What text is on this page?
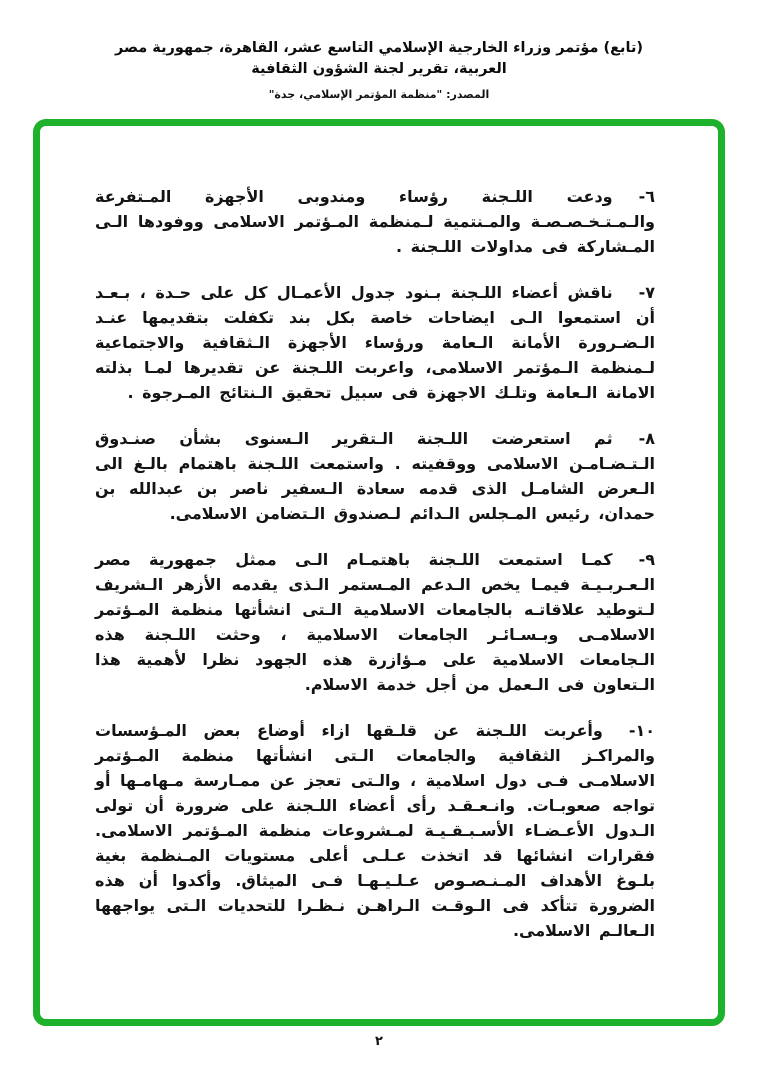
(تابع) مؤتمر وزراء الخارجية الإسلامي التاسع عشر، القاهرة، جمهورية مصر العربية، تقرير لجنة الشؤون الثقافية
المصدر: "منظمة المؤتمر الإسلامي، جدة"

٦-ودعت اللـجنة رؤساء ومندوبى الأجهزة المـتفرعة والـمـتـخـصـصـة والمـنتمية لـمنظمة المـؤتمر الاسلامى ووفودها الـى المـشاركة فى مداولات اللـجنة .

٧-ناقش أعضاء اللـجنة بـنود جدول الأعمـال كل على حـدة ، بـعـد أن استمعوا الـى ايضاحات خاصة بكل بند تكفلت بتقديمها عنـد الـضـرورة الأمانة الـعامة ورؤساء الأجهزة الـثقافية والاجتماعية لـمنظمة الـمؤتمر الاسلامى، واعربت اللـجنة عن تقديرها لمـا بذلته الامانة الـعامة وتلـك الاجهزة فى سبيل تحقيق الـنتائج المـرجوة .

٨-ثم استعرضت اللـجنة الـتقرير الـسنوى بشأن صنـدوق الـتـضـامـن الاسلامى ووقفيته . واستمعت اللـجنة باهتمام بالـغ الى الـعرض الشامـل الذى قدمه سعادة الـسفير ناصر بن عبدالله بن حمدان، رئيس المـجلس الـدائم لـصندوق الـتضامن الاسلامى.

٩-كمـا استمعت اللـجنة باهتمـام الـى ممثل جمهورية مصر الـعـربـيـة فيمـا يخص الـدعم المـستمر الـذى يقدمه الأزهر الـشريف لـتوطيد علاقاتـه بالجامعات الاسلامية الـتى انشأتها منظمة المـؤتمر الاسلامـى وبـسـائـر الجامعات الاسلامية ، وحثت اللـجنة هذه الـجامعات الاسلامية على مـؤازرة هذه الجهود نظرا لأهمية هذا الـتعاون فى الـعمل من أجل خدمة الاسلام.

١٠-وأعربت اللـجنة عن قلـقها ازاء أوضاع بعض المـؤسسات والمراكـز الثقافية والجامعات الـتى انشأتها منظمة المـؤتمر الاسلامـى فـى دول اسلامية ، والـتى تعجز عن ممـارسة مـهامـها أو تواجه صعوبـات. وانـعـقـد رأى أعضاء اللـجنة على ضرورة أن تولى الـدول الأعـضـاء الأسـبـقـيـة لمـشروعات منظمة المـؤتمر الاسلامى. فقرارات انشائها قد اتخذت عـلـى أعلى مستويات المـنظمة بغية بلـوغ الأهداف المـنـصـوص عـلـيـهـا فـى الميثاق. وأكدوا أن هذه الضرورة تتأكد فى الـوقـت الـراهـن نـظـرا للتحديات الـتى يواجهها الـعالـم الاسلامى.

٢
